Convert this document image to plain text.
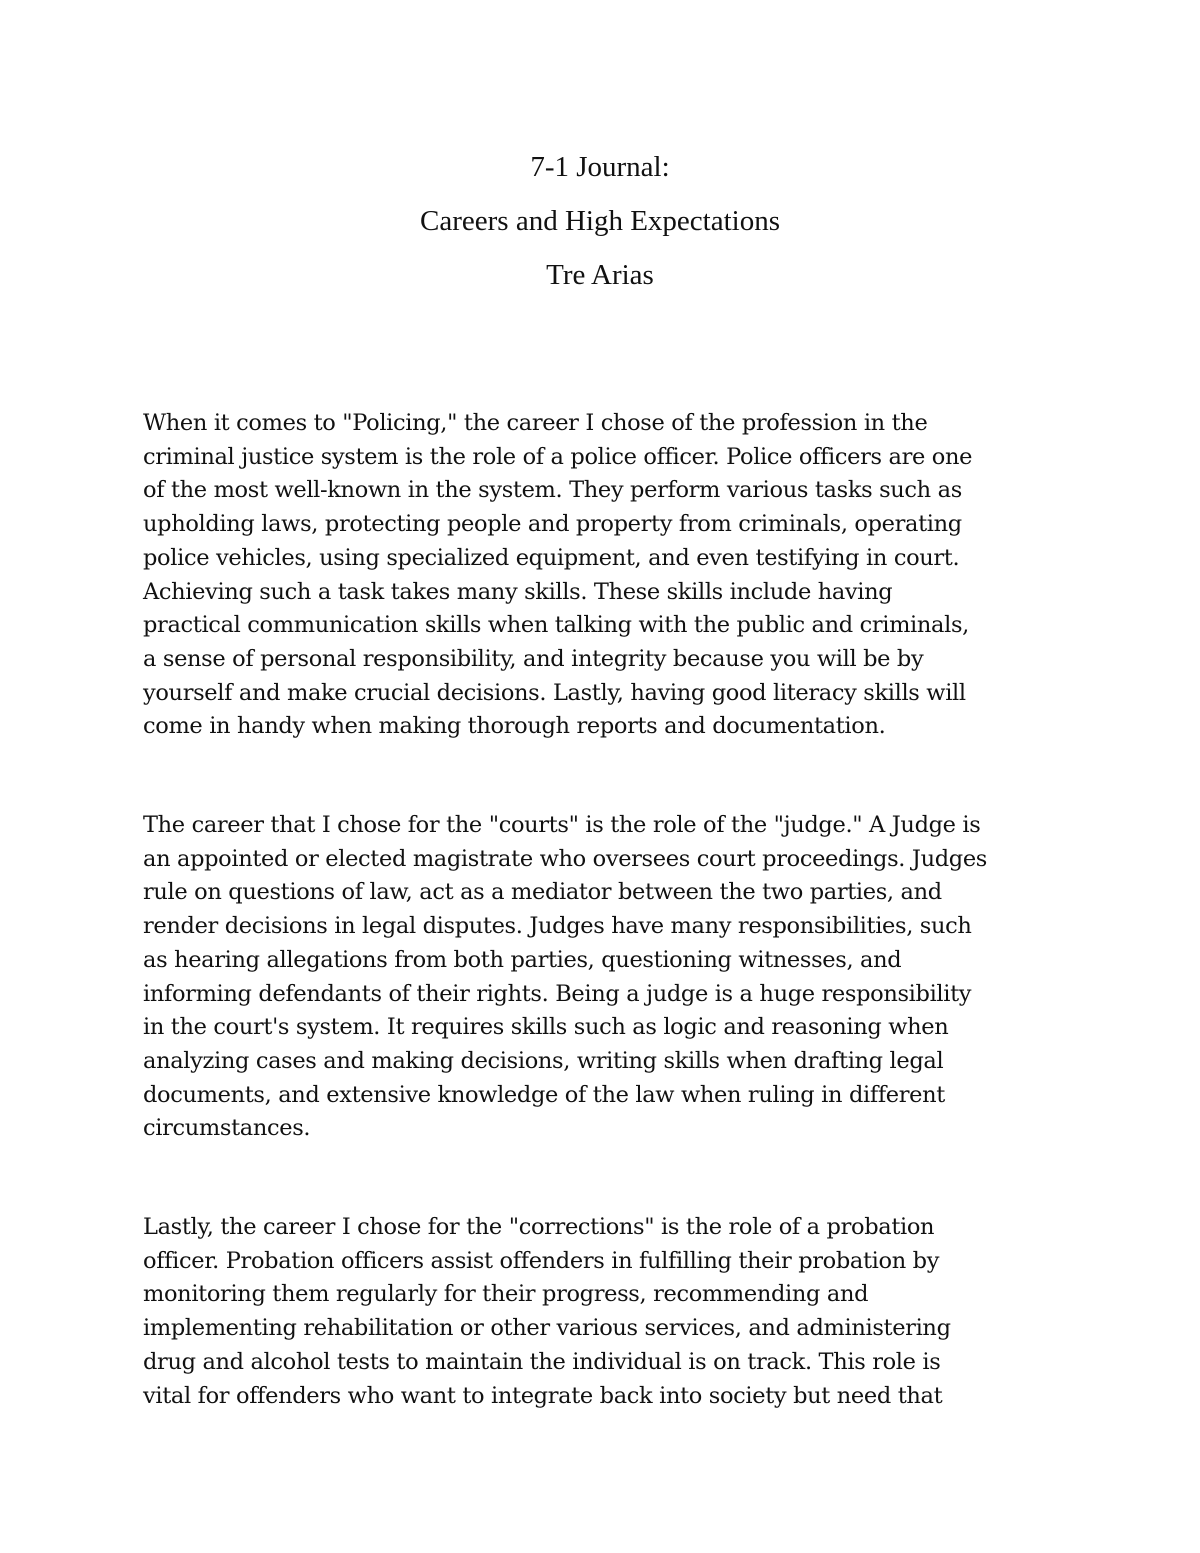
7-1 Journal:
Careers and High Expectations
Tre Arias
When it comes to "Policing," the career I chose of the profession in the
criminal justice system is the role of a police officer. Police officers are one
of the most well-known in the system. They perform various tasks such as
upholding laws, protecting people and property from criminals, operating
police vehicles, using specialized equipment, and even testifying in court.
Achieving such a task takes many skills. These skills include having
practical communication skills when talking with the public and criminals,
a sense of personal responsibility, and integrity because you will be by
yourself and make crucial decisions. Lastly, having good literacy skills will
come in handy when making thorough reports and documentation.
The career that I chose for the "courts" is the role of the "judge." A Judge is
an appointed or elected magistrate who oversees court proceedings. Judges
rule on questions of law, act as a mediator between the two parties, and
render decisions in legal disputes. Judges have many responsibilities, such
as hearing allegations from both parties, questioning witnesses, and
informing defendants of their rights. Being a judge is a huge responsibility
in the court's system. It requires skills such as logic and reasoning when
analyzing cases and making decisions, writing skills when drafting legal
documents, and extensive knowledge of the law when ruling in different
circumstances.
Lastly, the career I chose for the "corrections" is the role of a probation
officer. Probation officers assist offenders in fulfilling their probation by
monitoring them regularly for their progress, recommending and
implementing rehabilitation or other various services, and administering
drug and alcohol tests to maintain the individual is on track. This role is
vital for offenders who want to integrate back into society but need that
